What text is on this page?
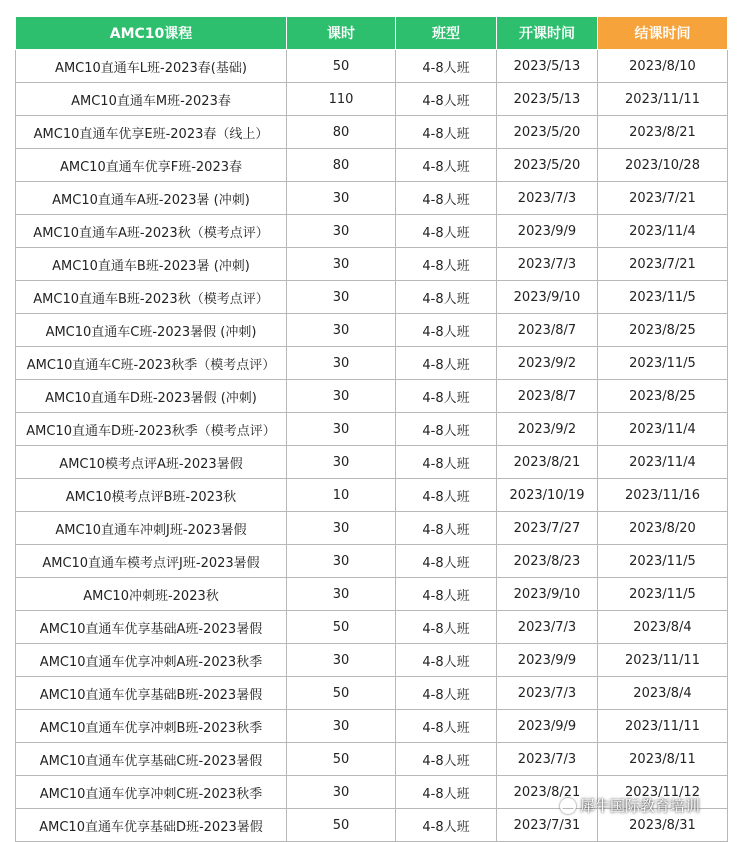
AMC10课程	课时	班型	开课时间	结课时间
AMC10直通车L班-2023春(基础)	50	4-8人班	2023/5/13	2023/8/10
AMC10直通车M班-2023春	110	4-8人班	2023/5/13	2023/11/11
AMC10直通车优享E班-2023春（线上）	80	4-8人班	2023/5/20	2023/8/21
AMC10直通车优享F班-2023春	80	4-8人班	2023/5/20	2023/10/28
AMC10直通车A班-2023暑 (冲刺)	30	4-8人班	2023/7/3	2023/7/21
AMC10直通车A班-2023秋（模考点评）	30	4-8人班	2023/9/9	2023/11/4
AMC10直通车B班-2023暑 (冲刺)	30	4-8人班	2023/7/3	2023/7/21
AMC10直通车B班-2023秋（模考点评）	30	4-8人班	2023/9/10	2023/11/5
AMC10直通车C班-2023暑假 (冲刺)	30	4-8人班	2023/8/7	2023/8/25
AMC10直通车C班-2023秋季（模考点评）	30	4-8人班	2023/9/2	2023/11/5
AMC10直通车D班-2023暑假 (冲刺)	30	4-8人班	2023/8/7	2023/8/25
AMC10直通车D班-2023秋季（模考点评）	30	4-8人班	2023/9/2	2023/11/4
AMC10模考点评A班-2023暑假	30	4-8人班	2023/8/21	2023/11/4
AMC10模考点评B班-2023秋	10	4-8人班	2023/10/19	2023/11/16
AMC10直通车冲刺J班-2023暑假	30	4-8人班	2023/7/27	2023/8/20
AMC10直通车模考点评J班-2023暑假	30	4-8人班	2023/8/23	2023/11/5
AMC10冲刺班-2023秋	30	4-8人班	2023/9/10	2023/11/5
AMC10直通车优享基础A班-2023暑假	50	4-8人班	2023/7/3	2023/8/4
AMC10直通车优享冲刺A班-2023秋季	30	4-8人班	2023/9/9	2023/11/11
AMC10直通车优享基础B班-2023暑假	50	4-8人班	2023/7/3	2023/8/4
AMC10直通车优享冲刺B班-2023秋季	30	4-8人班	2023/9/9	2023/11/11
AMC10直通车优享基础C班-2023暑假	50	4-8人班	2023/7/3	2023/8/11
AMC10直通车优享冲刺C班-2023秋季	30	4-8人班	2023/8/21	2023/11/12
AMC10直通车优享基础D班-2023暑假	50	4-8人班	2023/7/31	2023/8/31
犀牛国际教育培训
